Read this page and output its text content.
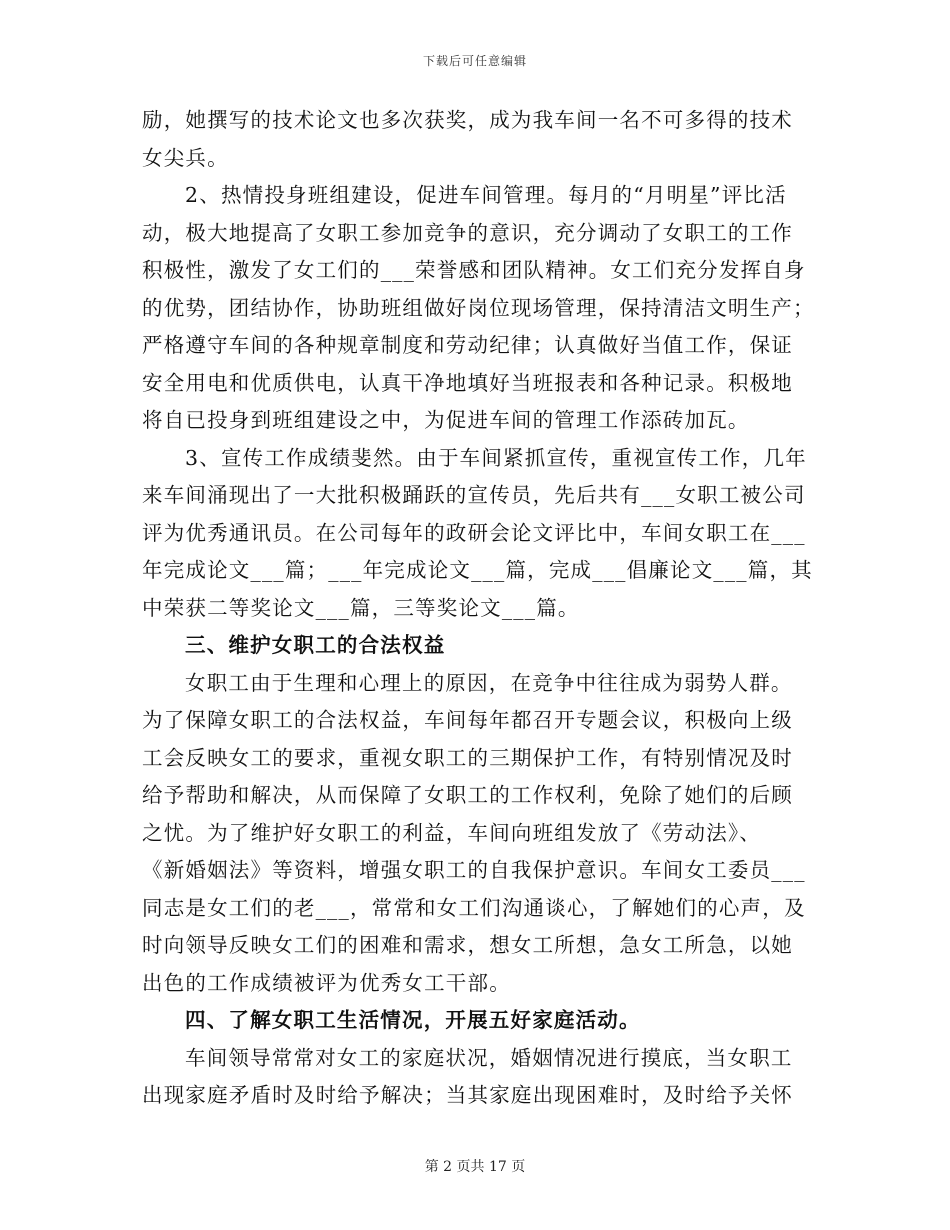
下载后可任意编辑
励，她撰写的技术论文也多次获奖，成为我车间一名不可多得的技术
女尖兵。
2、热情投身班组建设，促进车间管理。每月的“月明星”评比活
动，极大地提高了女职工参加竞争的意识，充分调动了女职工的工作
积极性，激发了女工们的___荣誉感和团队精神。女工们充分发挥自身
的优势，团结协作，协助班组做好岗位现场管理，保持清洁文明生产；
严格遵守车间的各种规章制度和劳动纪律；认真做好当值工作，保证
安全用电和优质供电，认真干净地填好当班报表和各种记录。积极地
将自已投身到班组建设之中，为促进车间的管理工作添砖加瓦。
3、宣传工作成绩斐然。由于车间紧抓宣传，重视宣传工作，几年
来车间涌现出了一大批积极踊跃的宣传员，先后共有___女职工被公司
评为优秀通讯员。在公司每年的政研会论文评比中，车间女职工在___
年完成论文___篇；___年完成论文___篇，完成___倡廉论文___篇，其
中荣获二等奖论文___篇，三等奖论文___篇。
三、维护女职工的合法权益
女职工由于生理和心理上的原因，在竞争中往往成为弱势人群。
为了保障女职工的合法权益，车间每年都召开专题会议，积极向上级
工会反映女工的要求，重视女职工的三期保护工作，有特别情况及时
给予帮助和解决，从而保障了女职工的工作权利，免除了她们的后顾
之忧。为了维护好女职工的利益，车间向班组发放了《劳动法》、
《新婚姻法》等资料，增强女职工的自我保护意识。车间女工委员___
同志是女工们的老___，常常和女工们沟通谈心，了解她们的心声，及
时向领导反映女工们的困难和需求，想女工所想，急女工所急，以她
出色的工作成绩被评为优秀女工干部。
四、了解女职工生活情况，开展五好家庭活动。
车间领导常常对女工的家庭状况，婚姻情况进行摸底，当女职工
出现家庭矛盾时及时给予解决；当其家庭出现困难时，及时给予关怀
第 2 页共 17 页
